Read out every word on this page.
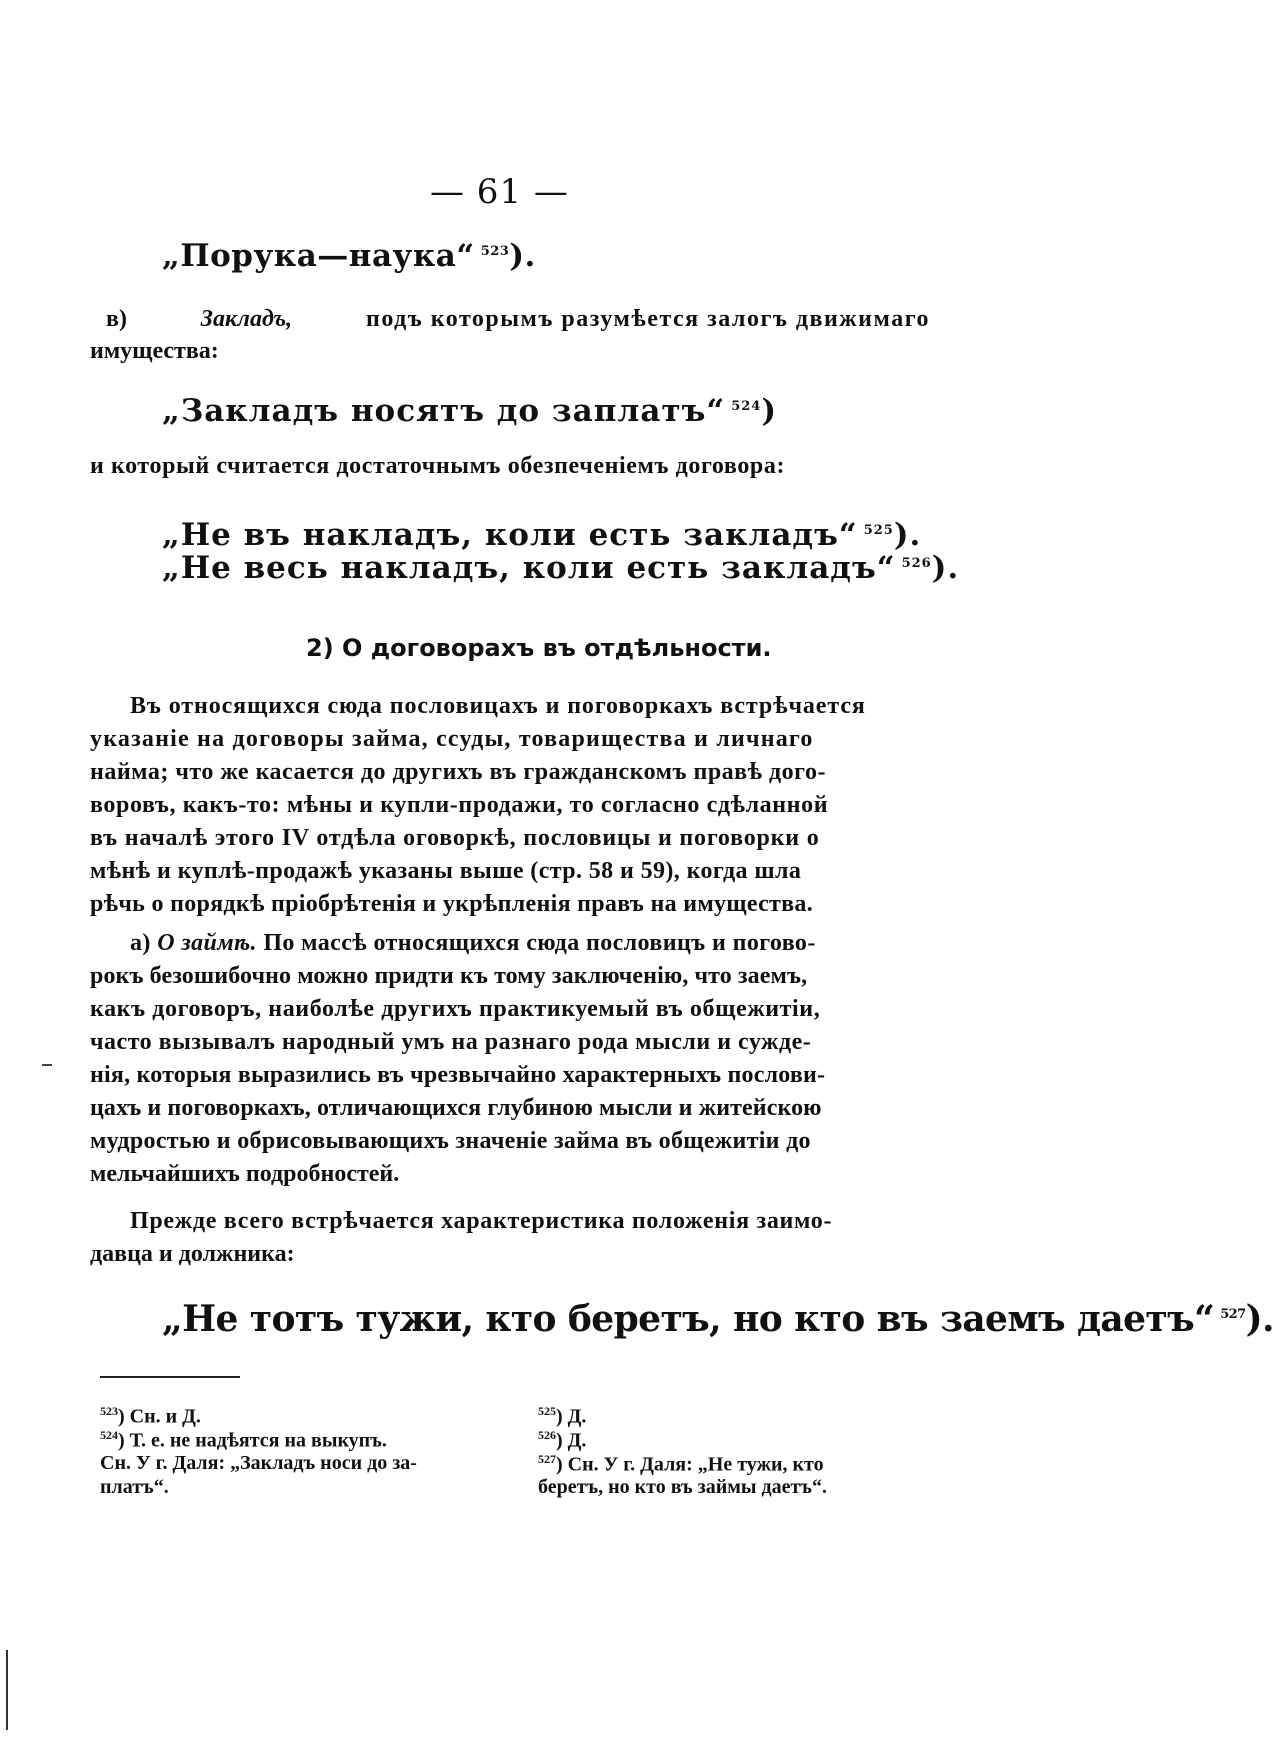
— 61 —
„Порука—наука“ $^{523}$).
в)	Закладъ,	подъ которымъ разумѣется залогъ движимаго
имущества:
„Закладъ носятъ до заплатъ“ $^{524}$)
и который считается достаточнымъ обезпеченіемъ договора:
„Не въ накладъ, коли есть закладъ“ $^{525}$).
„Не весь накладъ, коли есть закладъ“ $^{526}$).
2) О договорахъ въ отдѣльности.
Въ относящихся сюда пословицахъ и поговоркахъ встрѣчается
указаніе на договоры займа, ссуды, товарищества и личнаго
найма; что же касается до другихъ въ гражданскомъ правѣ дого-
воровъ, какъ-то: мѣны и купли-продажи, то согласно сдѣланной
въ началѣ этого IV отдѣла оговоркѣ, пословицы и поговорки о
мѣнѣ и куплѣ-продажѣ указаны выше (стр. 58 и 59), когда шла
рѣчь о порядкѣ пріобрѣтенія и укрѣпленія правъ на имущества.
а) О займѣ. По массѣ относящихся сюда пословицъ и погово-
рокъ безошибочно можно придти къ тому заключенію, что заемъ,
какъ договоръ, наиболѣе другихъ практикуемый въ общежитіи,
часто вызывалъ народный умъ на разнаго рода мысли и сужде-
нія, которыя выразились въ чрезвычайно характерныхъ послови-
цахъ и поговоркахъ, отличающихся глубиною мысли и житейскою
мудростью и обрисовывающихъ значеніе займа въ общежитіи до
мельчайшихъ подробностей.
Прежде всего встрѣчается характеристика положенія заимо-
давца и должника:
„Не тотъ тужи, кто беретъ, но кто въ заемъ даетъ“ $^{527}$).
$^{523}$) Сн. и Д.
$^{524}$) Т. е. не надѣятся на выкупъ.
Сн. У г. Даля: „Закладъ носи до за-
платъ“.
$^{525}$) Д.
$^{526}$) Д.
$^{527}$) Сн. У г. Даля: „Не тужи, кто
беретъ, но кто въ займы даетъ“.
